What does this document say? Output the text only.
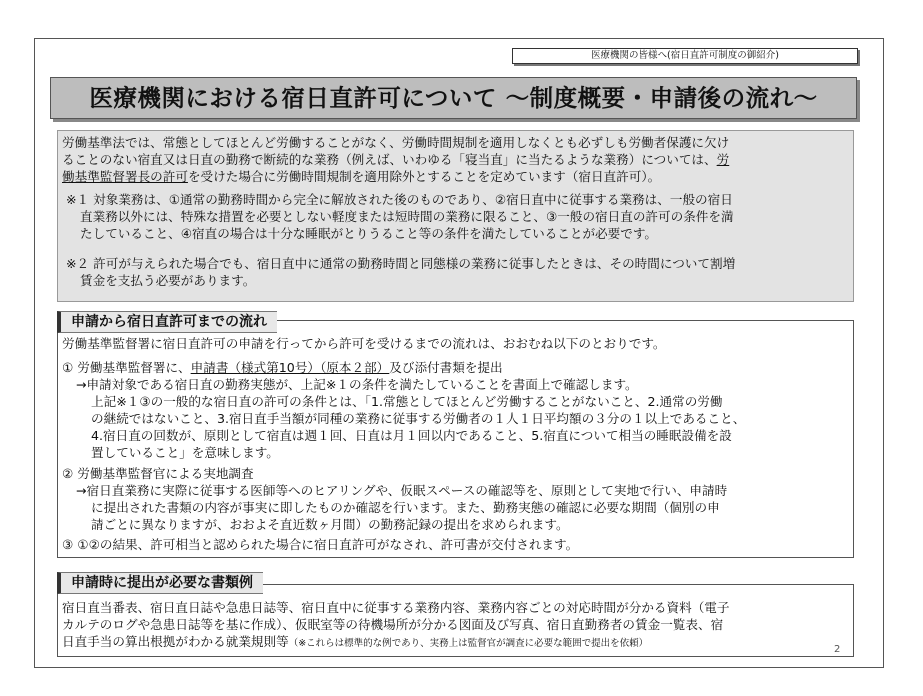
医療機関の皆様へ(宿日直許可制度の御紹介)
医療機関における宿日直許可について ～制度概要・申請後の流れ～
労働基準法では、常態としてほとんど労働することがなく、労働時間規制を適用しなくとも必ずしも労働者保護に欠け
ることのない宿直又は日直の勤務で断続的な業務（例えば、いわゆる「寝当直」に当たるような業務）については、労
働基準監督署長の許可を受けた場合に労働時間規制を適用除外とすることを定めています（宿日直許可）。
※１ 対象業務は、①通常の勤務時間から完全に解放された後のものであり、②宿日直中に従事する業務は、一般の宿日
直業務以外には、特殊な措置を必要としない軽度または短時間の業務に限ること、③一般の宿日直の許可の条件を満
たしていること、④宿直の場合は十分な睡眠がとりうること等の条件を満たしていることが必要です。
※２ 許可が与えられた場合でも、宿日直中に通常の勤務時間と同態様の業務に従事したときは、その時間について割増
賃金を支払う必要があります。
申請から宿日直許可までの流れ
労働基準監督署に宿日直許可の申請を行ってから許可を受けるまでの流れは、おおむね以下のとおりです。
① 労働基準監督署に、申請書（様式第10号）（原本２部）及び添付書類を提出
→申請対象である宿日直の勤務実態が、上記※１の条件を満たしていることを書面上で確認します。
上記※１③の一般的な宿日直の許可の条件とは、「1.常態としてほとんど労働することがないこと、2.通常の労働
の継続ではないこと、3.宿日直手当額が同種の業務に従事する労働者の１人１日平均額の３分の１以上であること、
4.宿日直の回数が、原則として宿直は週１回、日直は月１回以内であること、5.宿直について相当の睡眠設備を設
置していること」を意味します。
② 労働基準監督官による実地調査
→宿日直業務に実際に従事する医師等へのヒアリングや、仮眠スペースの確認等を、原則として実地で行い、申請時
に提出された書類の内容が事実に即したものか確認を行います。また、勤務実態の確認に必要な期間（個別の申
請ごとに異なりますが、おおよそ直近数ヶ月間）の勤務記録の提出を求められます。
③ ①②の結果、許可相当と認められた場合に宿日直許可がなされ、許可書が交付されます。
申請時に提出が必要な書類例
宿日直当番表、宿日直日誌や急患日誌等、宿日直中に従事する業務内容、業務内容ごとの対応時間が分かる資料（電子
カルテのログや急患日誌等を基に作成）、仮眠室等の待機場所が分かる図面及び写真、宿日直勤務者の賃金一覧表、宿
日直手当の算出根拠がわかる就業規則等（※これらは標準的な例であり、実務上は監督官が調査に必要な範囲で提出を依頼）
2
